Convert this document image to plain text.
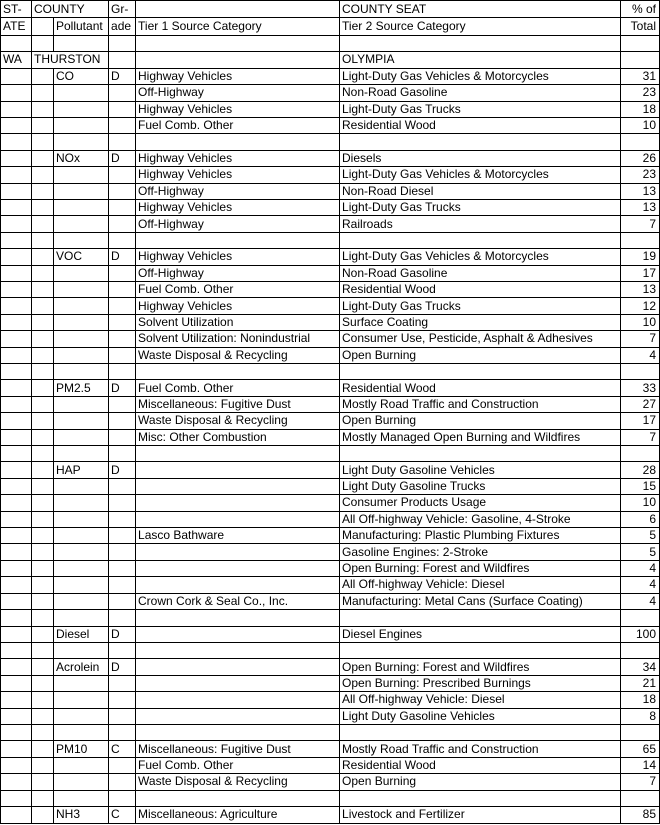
ST-	COUNTY		Gr-		COUNTY SEAT	% of
ATE		Pollutant	ade	Tier 1 Source Category	Tier 2 Source Category	Total

WA	THURSTON				OLYMPIA	
		CO	D	Highway Vehicles	Light-Duty Gas Vehicles & Motorcycles	31
				Off-Highway	Non-Road Gasoline	23
				Highway Vehicles	Light-Duty Gas Trucks	18
				Fuel Comb. Other	Residential Wood	10

		NOx	D	Highway Vehicles	Diesels	26
				Highway Vehicles	Light-Duty Gas Vehicles & Motorcycles	23
				Off-Highway	Non-Road Diesel	13
				Highway Vehicles	Light-Duty Gas Trucks	13
				Off-Highway	Railroads	7

		VOC	D	Highway Vehicles	Light-Duty Gas Vehicles & Motorcycles	19
				Off-Highway	Non-Road Gasoline	17
				Fuel Comb. Other	Residential Wood	13
				Highway Vehicles	Light-Duty Gas Trucks	12
				Solvent Utilization	Surface Coating	10
				Solvent Utilization: Nonindustrial	Consumer Use, Pesticide, Asphalt & Adhesives	7
				Waste Disposal & Recycling	Open Burning	4

		PM2.5	D	Fuel Comb. Other	Residential Wood	33
				Miscellaneous: Fugitive Dust	Mostly Road Traffic and Construction	27
				Waste Disposal & Recycling	Open Burning	17
				Misc: Other Combustion	Mostly Managed Open Burning and Wildfires	7

		HAP	D		Light Duty Gasoline Vehicles	28
					Light Duty Gasoline Trucks	15
					Consumer Products Usage	10
					All Off-highway Vehicle: Gasoline, 4-Stroke	6
				Lasco Bathware	Manufacturing: Plastic Plumbing Fixtures	5
					Gasoline Engines: 2-Stroke	5
					Open Burning: Forest and Wildfires	4
					All Off-highway Vehicle: Diesel	4
				Crown Cork & Seal Co., Inc.	Manufacturing: Metal Cans (Surface Coating)	4

		Diesel	D		Diesel Engines	100

		Acrolein	D		Open Burning: Forest and Wildfires	34
					Open Burning: Prescribed Burnings	21
					All Off-highway Vehicle: Diesel	18
					Light Duty Gasoline Vehicles	8

		PM10	C	Miscellaneous: Fugitive Dust	Mostly Road Traffic and Construction	65
				Fuel Comb. Other	Residential Wood	14
				Waste Disposal & Recycling	Open Burning	7

		NH3	C	Miscellaneous: Agriculture	Livestock and Fertilizer	85
